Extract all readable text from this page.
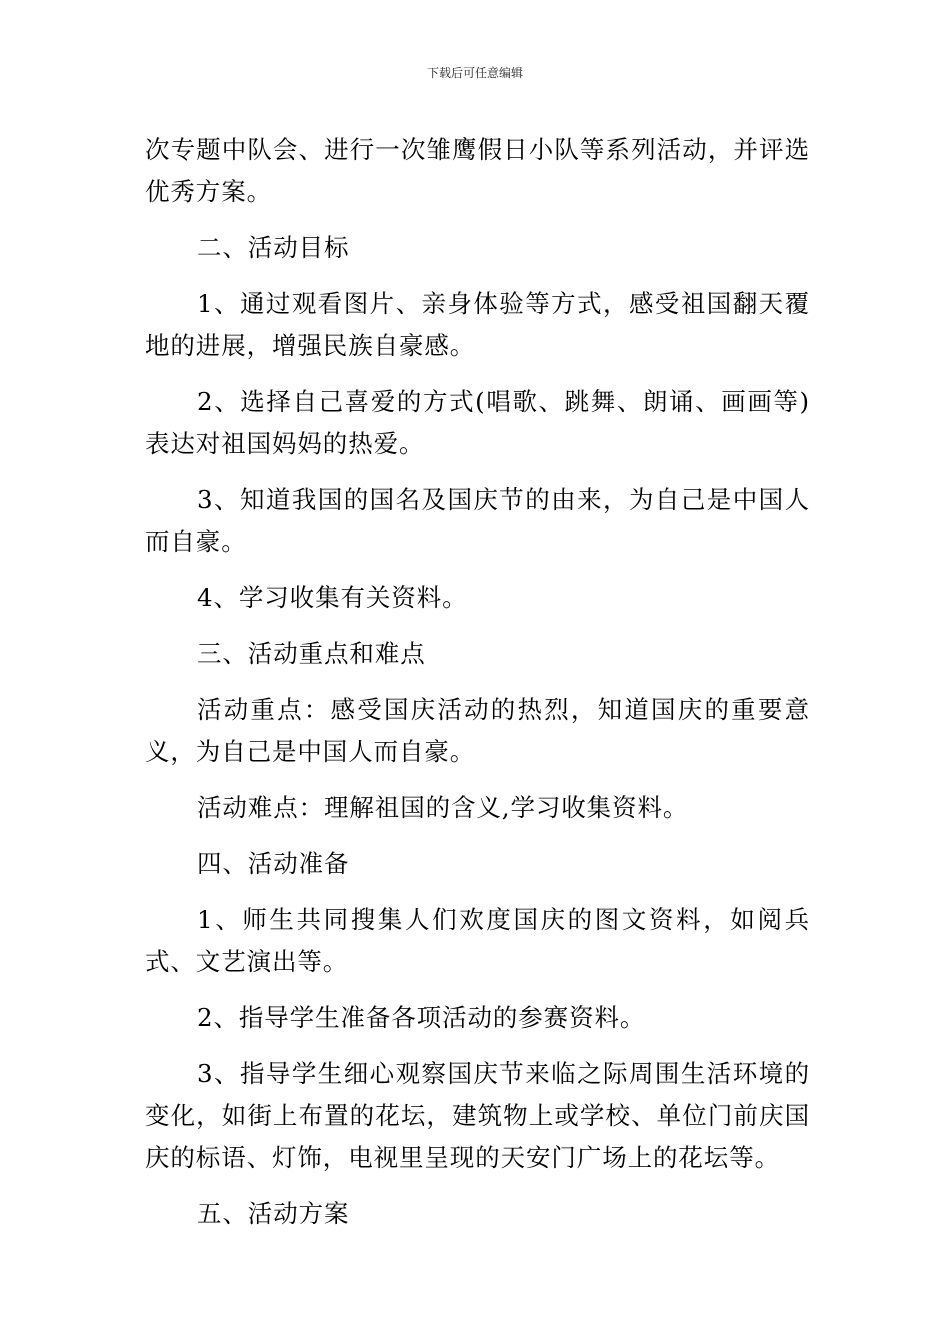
下载后可任意编辑

次专题中队会、进行一次雏鹰假日小队等系列活动，并评选优秀方案。

二、活动目标

1、通过观看图片、亲身体验等方式，感受祖国翻天覆地的进展，增强民族自豪感。

2、选择自己喜爱的方式(唱歌、跳舞、朗诵、画画等)表达对祖国妈妈的热爱。

3、知道我国的国名及国庆节的由来，为自己是中国人而自豪。

4、学习收集有关资料。

三、活动重点和难点

活动重点：感受国庆活动的热烈，知道国庆的重要意义，为自己是中国人而自豪。

活动难点：理解祖国的含义,学习收集资料。

四、活动准备

1、师生共同搜集人们欢度国庆的图文资料，如阅兵式、文艺演出等。

2、指导学生准备各项活动的参赛资料。

3、指导学生细心观察国庆节来临之际周围生活环境的变化，如街上布置的花坛，建筑物上或学校、单位门前庆国庆的标语、灯饰，电视里呈现的天安门广场上的花坛等。

五、活动方案
